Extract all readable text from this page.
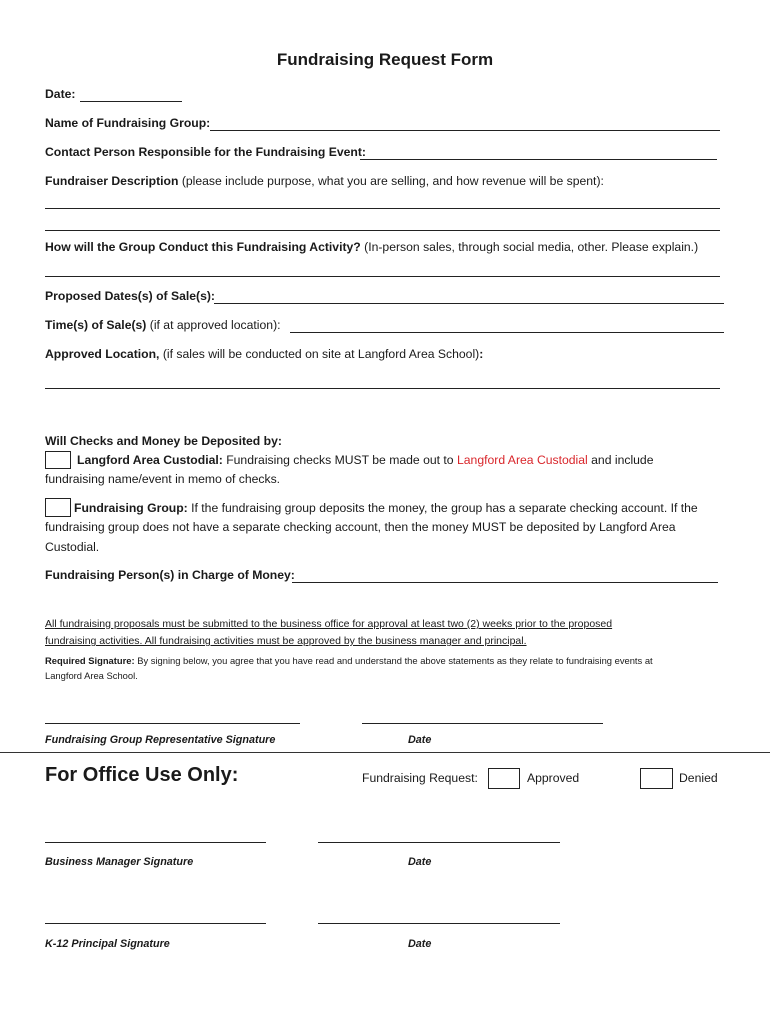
Fundraising Request Form
Date:
Name of Fundraising Group:
Contact Person Responsible for the Fundraising Event:
Fundraiser Description (please include purpose, what you are selling, and how revenue will be spent):
How will the Group Conduct this Fundraising Activity? (In-person sales, through social media, other. Please explain.)
Proposed Dates(s) of Sale(s):
Time(s) of Sale(s) (if at approved location):
Approved Location, (if sales will be conducted on site at Langford Area School):
Will Checks and Money be Deposited by:
Langford Area Custodial: Fundraising checks MUST be made out to Langford Area Custodial and include
fundraising name/event in memo of checks.
Fundraising Group: If the fundraising group deposits the money, the group has a separate checking account. If the
fundraising group does not have a separate checking account, then the money MUST be deposited by Langford Area
Custodial.
Fundraising Person(s) in Charge of Money:
All fundraising proposals must be submitted to the business office for approval at least two (2) weeks prior to the proposed
fundraising activities. All fundraising activities must be approved by the business manager and principal.
Required Signature: By signing below, you agree that you have read and understand the above statements as they relate to fundraising events at
Langford Area School.
Fundraising Group Representative Signature	Date
For Office Use Only:	Fundraising Request:	Approved	Denied
Business Manager Signature	Date
K-12 Principal Signature	Date
